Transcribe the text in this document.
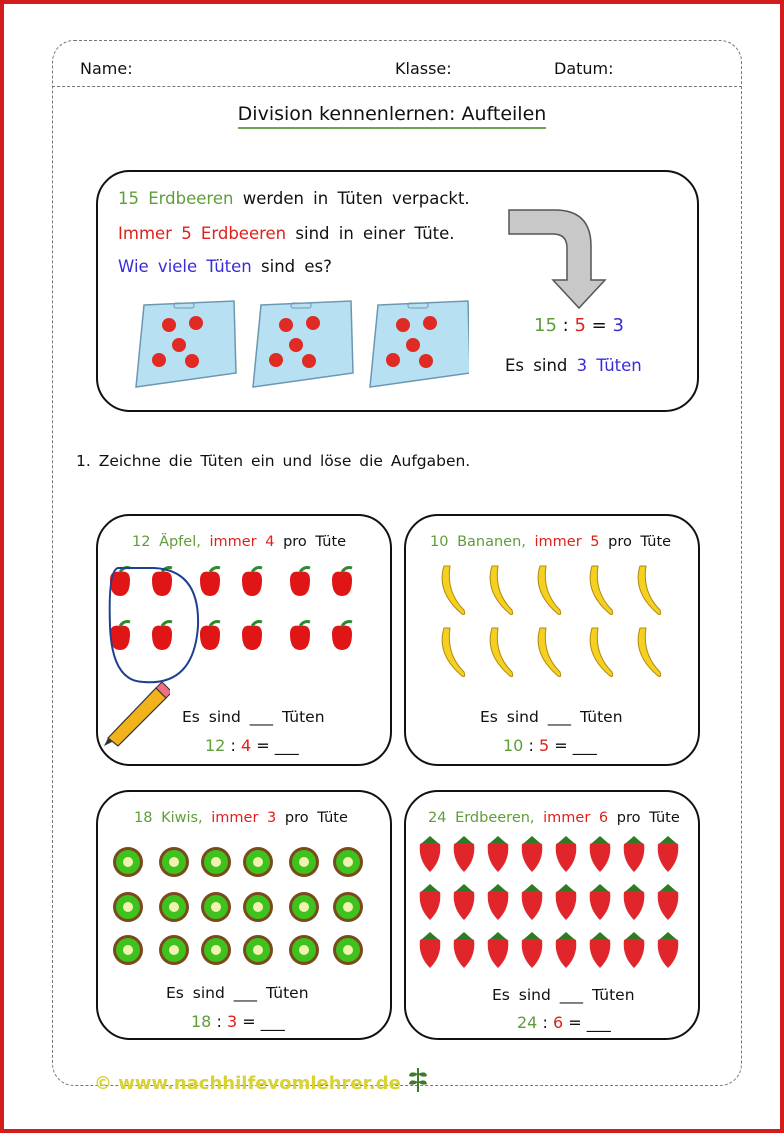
Name:	Klasse:	Datum:
Division kennenlernen: Aufteilen
15 Erdbeeren werden in Tüten verpackt.
Immer 5 Erdbeeren sind in einer Tüte.
Wie viele Tüten sind es?
15 : 5 = 3
Es sind 3 Tüten
1. Zeichne die Tüten ein und löse die Aufgaben.
12 Äpfel, immer 4 pro Tüte
Es sind ___ Tüten
12 : 4 = ___
10 Bananen, immer 5 pro Tüte
Es sind ___ Tüten
10 : 5 = ___
18 Kiwis, immer 3 pro Tüte
Es sind ___ Tüten
18 : 3 = ___
24 Erdbeeren, immer 6 pro Tüte
Es sind ___ Tüten
24 : 6 = ___
© www.nachhilfevomlehrer.de
